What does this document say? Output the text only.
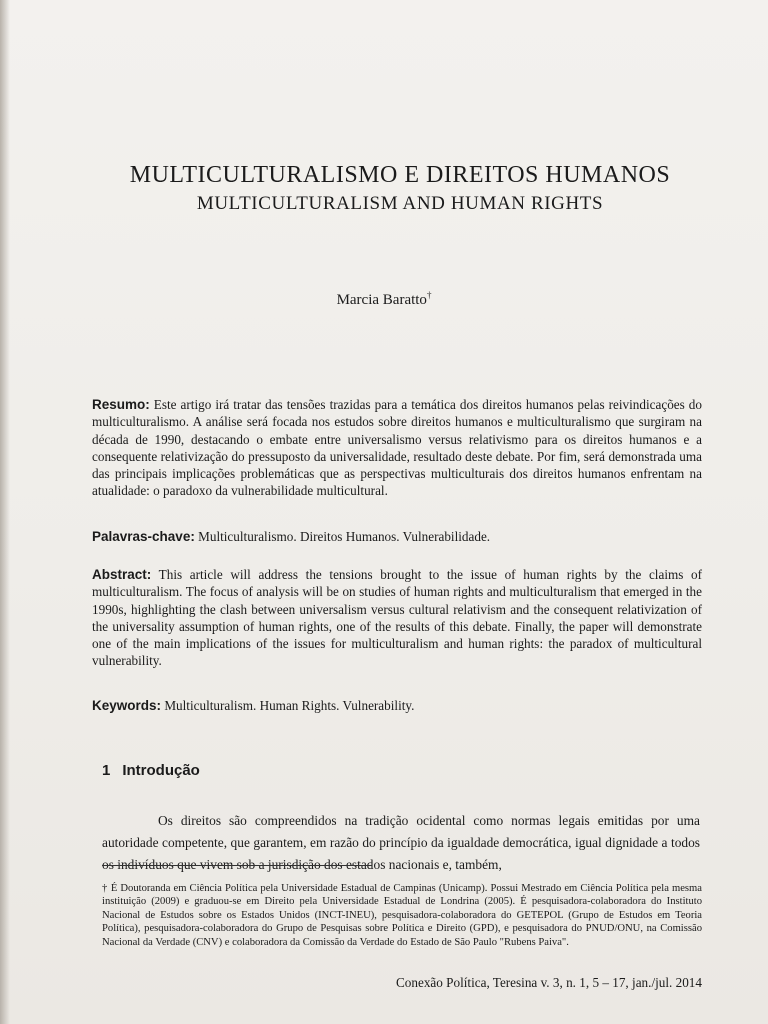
MULTICULTURALISMO E DIREITOS HUMANOS
MULTICULTURALISM AND HUMAN RIGHTS
Marcia Baratto†

Resumo: Este artigo irá tratar das tensões trazidas para a temática dos direitos humanos pelas reivindicações do multiculturalismo. A análise será focada nos estudos sobre direitos humanos e multiculturalismo que surgiram na década de 1990, destacando o embate entre universalismo versus relativismo para os direitos humanos e a consequente relativização do pressuposto da universalidade, resultado deste debate. Por fim, será demonstrada uma das principais implicações problemáticas que as perspectivas multiculturais dos direitos humanos enfrentam na atualidade: o paradoxo da vulnerabilidade multicultural.

Palavras-chave: Multiculturalismo. Direitos Humanos. Vulnerabilidade.

Abstract: This article will address the tensions brought to the issue of human rights by the claims of multiculturalism. The focus of analysis will be on studies of human rights and multiculturalism that emerged in the 1990s, highlighting the clash between universalism versus cultural relativism and the consequent relativization of the universality assumption of human rights, one of the results of this debate. Finally, the paper will demonstrate one of the main implications of the issues for multiculturalism and human rights: the paradox of multicultural vulnerability.

Keywords: Multiculturalism. Human Rights. Vulnerability.

1 Introdução

Os direitos são compreendidos na tradição ocidental como normas legais emitidas por uma autoridade competente, que garantem, em razão do princípio da igualdade democrática, igual dignidade a todos os indivíduos que vivem sob a jurisdição dos estados nacionais e, também,

† É Doutoranda em Ciência Política pela Universidade Estadual de Campinas (Unicamp). Possui Mestrado em Ciência Política pela mesma instituição (2009) e graduou-se em Direito pela Universidade Estadual de Londrina (2005). É pesquisadora-colaboradora do Instituto Nacional de Estudos sobre os Estados Unidos (INCT-INEU), pesquisadora-colaboradora do GETEPOL (Grupo de Estudos em Teoria Política), pesquisadora-colaboradora do Grupo de Pesquisas sobre Política e Direito (GPD), e pesquisadora do PNUD/ONU, na Comissão Nacional da Verdade (CNV) e colaboradora da Comissão da Verdade do Estado de São Paulo "Rubens Paiva".

Conexão Política, Teresina v. 3, n. 1, 5 – 17, jan./jul. 2014
